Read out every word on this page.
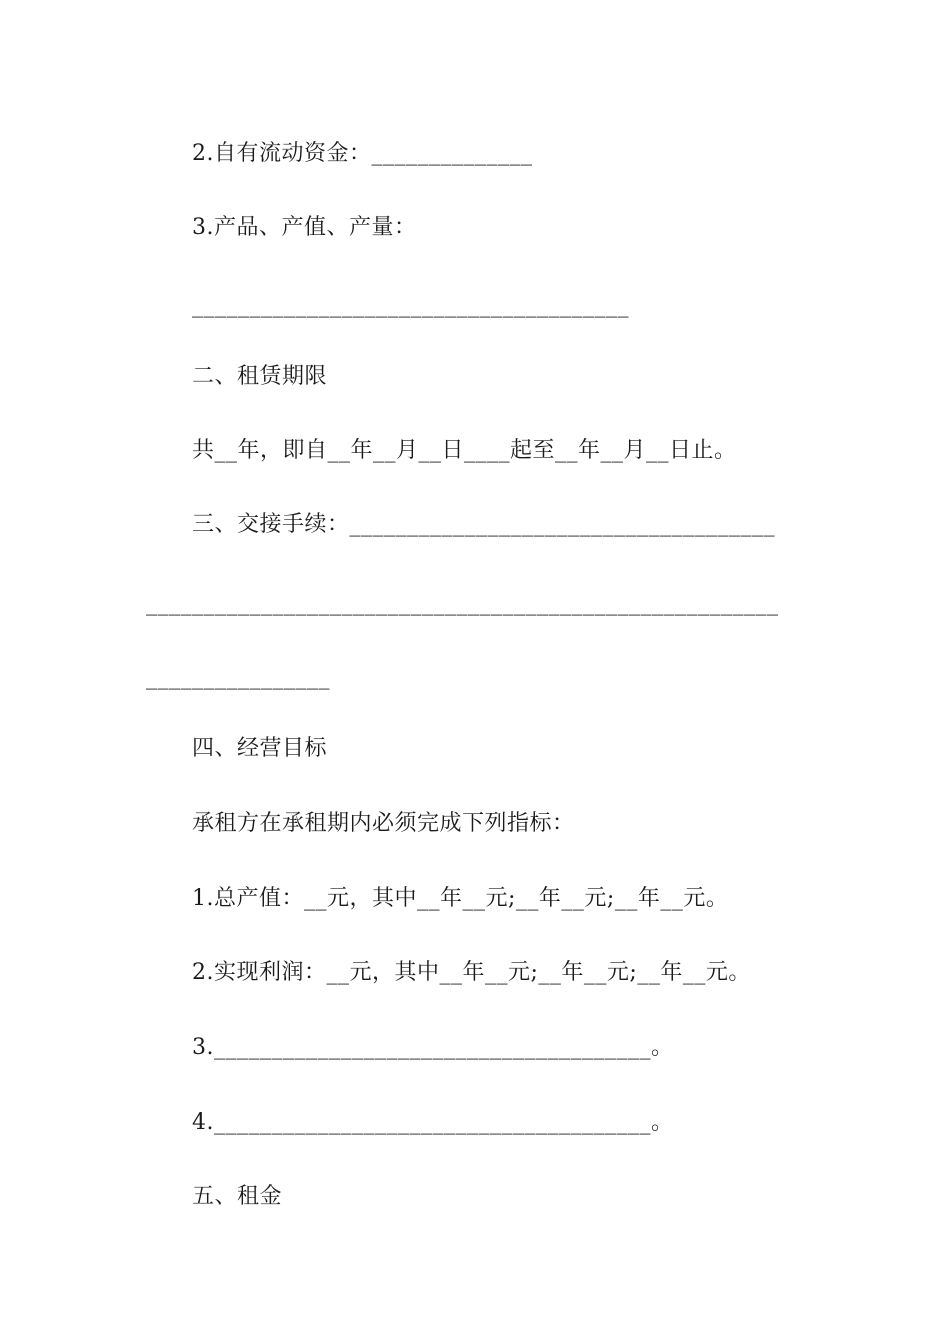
2.自有流动资金：______________
3.产品、产值、产量：
______________________________________
二、租赁期限
共__年，即自__年__月__日____起至__年__月__日止。
三、交接手续：_____________________________________
_______________________________________________________
________________
四、经营目标
承租方在承租期内必须完成下列指标：
1.总产值：__元，其中__年__元;__年__元;__年__元。
2.实现利润：__元，其中__年__元;__年__元;__年__元。
3.______________________________________。
4.______________________________________。
五、租金
